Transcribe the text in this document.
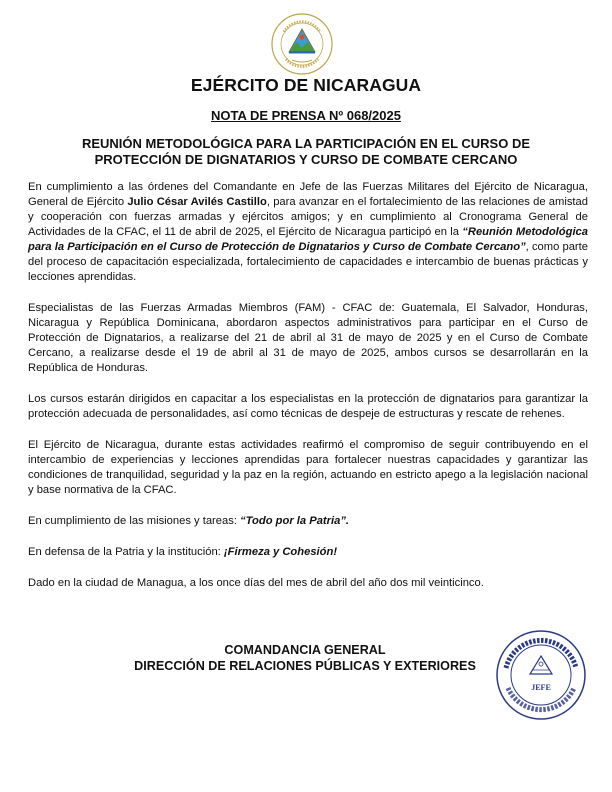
EJÉRCITO DE NICARAGUA
NOTA DE PRENSA Nº 068/2025
REUNIÓN METODOLÓGICA PARA LA PARTICIPACIÓN EN EL CURSO DE
PROTECCIÓN DE DIGNATARIOS Y CURSO DE COMBATE CERCANO

En cumplimiento a las órdenes del Comandante en Jefe de las Fuerzas Militares del Ejército de Nicaragua, General de Ejército Julio César Avilés Castillo, para avanzar en el fortalecimiento de las relaciones de amistad y cooperación con fuerzas armadas y ejércitos amigos; y en cumplimiento al Cronograma General de Actividades de la CFAC, el 11 de abril de 2025, el Ejército de Nicaragua participó en la “Reunión Metodológica para la Participación en el Curso de Protección de Dignatarios y Curso de Combate Cercano”, como parte del proceso de capacitación especializada, fortalecimiento de capacidades e intercambio de buenas prácticas y lecciones aprendidas.

Especialistas de las Fuerzas Armadas Miembros (FAM) - CFAC de: Guatemala, El Salvador, Honduras, Nicaragua y República Dominicana, abordaron aspectos administrativos para participar en el Curso de Protección de Dignatarios, a realizarse del 21 de abril al 31 de mayo de 2025 y en el Curso de Combate Cercano, a realizarse desde el 19 de abril al 31 de mayo de 2025, ambos cursos se desarrollarán en la República de Honduras.

Los cursos estarán dirigidos en capacitar a los especialistas en la protección de dignatarios para garantizar la protección adecuada de personalidades, así como técnicas de despeje de estructuras y rescate de rehenes.

El Ejército de Nicaragua, durante estas actividades reafirmó el compromiso de seguir contribuyendo en el intercambio de experiencias y lecciones aprendidas para fortalecer nuestras capacidades y garantizar las condiciones de tranquilidad, seguridad y la paz en la región, actuando en estricto apego a la legislación nacional y base normativa de la CFAC.

En cumplimiento de las misiones y tareas: “Todo por la Patria”.

En defensa de la Patria y la institución: ¡Firmeza y Cohesión!

Dado en la ciudad de Managua, a los once días del mes de abril del año dos mil veinticinco.

COMANDANCIA GENERAL
DIRECCIÓN DE RELACIONES PÚBLICAS Y EXTERIORES
JEFE
